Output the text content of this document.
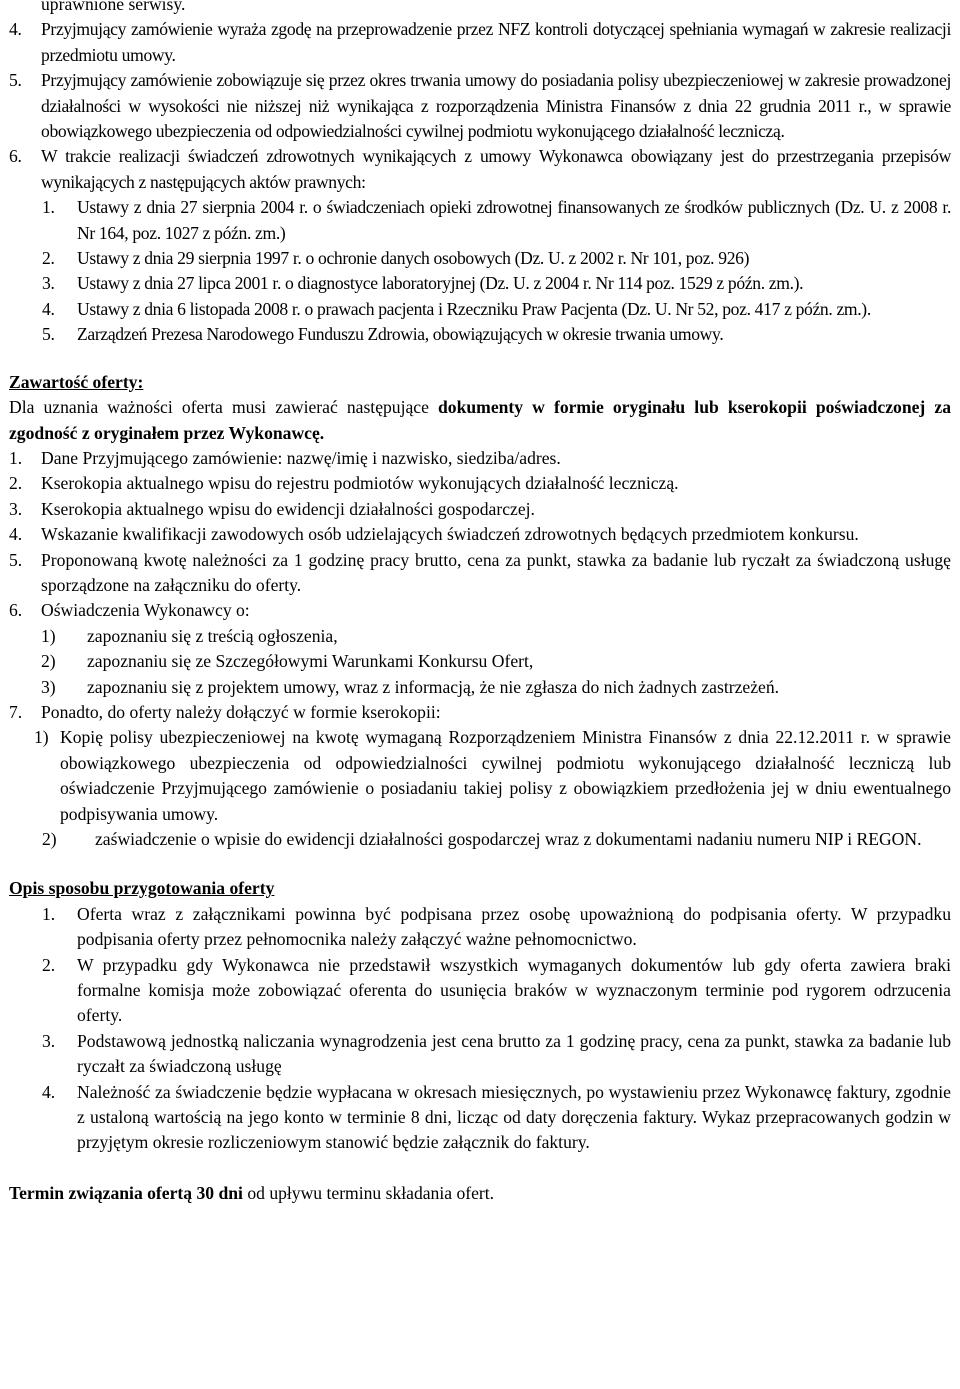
uprawnione serwisy.
4. Przyjmujący zamówienie wyraża zgodę na przeprowadzenie przez NFZ kontroli dotyczącej spełniania wymagań w zakresie realizacji przedmiotu umowy.
5. Przyjmujący zamówienie zobowiązuje się przez okres trwania umowy do posiadania polisy ubezpieczeniowej w zakresie prowadzonej działalności w wysokości nie niższej niż wynikająca z rozporządzenia Ministra Finansów z dnia 22 grudnia 2011 r., w sprawie obowiązkowego ubezpieczenia od odpowiedzialności cywilnej podmiotu wykonującego działalność leczniczą.
6. W trakcie realizacji świadczeń zdrowotnych wynikających z umowy Wykonawca obowiązany jest do przestrzegania przepisów wynikających z następujących aktów prawnych:
1. Ustawy z dnia 27 sierpnia 2004 r. o świadczeniach opieki zdrowotnej finansowanych ze środków publicznych (Dz. U. z 2008 r. Nr 164, poz. 1027 z późn. zm.)
2. Ustawy z dnia 29 sierpnia 1997 r. o ochronie danych osobowych (Dz. U. z 2002 r. Nr 101, poz. 926)
3. Ustawy z dnia 27 lipca 2001 r. o diagnostyce laboratoryjnej (Dz. U. z 2004 r. Nr 114 poz. 1529 z późn. zm.).
4. Ustawy z dnia 6 listopada 2008 r. o prawach pacjenta i Rzeczniku Praw Pacjenta (Dz. U. Nr 52, poz. 417 z późn. zm.).
5. Zarządzeń Prezesa Narodowego Funduszu Zdrowia, obowiązujących w okresie trwania umowy.
Zawartość oferty:
Dla uznania ważności oferta musi zawierać następujące dokumenty w formie oryginału lub kserokopii poświadczonej za zgodność z oryginałem przez Wykonawcę.
1. Dane Przyjmującego zamówienie: nazwę/imię i nazwisko, siedziba/adres.
2. Kserokopia aktualnego wpisu do rejestru podmiotów wykonujących działalność leczniczą.
3. Kserokopia aktualnego wpisu do ewidencji działalności gospodarczej.
4. Wskazanie kwalifikacji zawodowych osób udzielających świadczeń zdrowotnych będących przedmiotem konkursu.
5. Proponowaną kwotę należności za 1 godzinę pracy brutto, cena za punkt, stawka za badanie lub ryczałt za świadczoną usługę sporządzone na załączniku do oferty.
6. Oświadczenia Wykonawcy o:
1) zapoznaniu się z treścią ogłoszenia,
2) zapoznaniu się ze Szczegółowymi Warunkami Konkursu Ofert,
3) zapoznaniu się z projektem umowy, wraz z informacją, że nie zgłasza do nich żadnych zastrzeżeń.
7. Ponadto, do oferty należy dołączyć w formie kserokopii:
1) Kopię polisy ubezpieczeniowej na kwotę wymaganą Rozporządzeniem Ministra Finansów z dnia 22.12.2011 r. w sprawie obowiązkowego ubezpieczenia od odpowiedzialności cywilnej podmiotu wykonującego działalność leczniczą lub oświadczenie Przyjmującego zamówienie o posiadaniu takiej polisy z obowiązkiem przedłożenia jej w dniu ewentualnego podpisywania umowy.
2) zaświadczenie o wpisie do ewidencji działalności gospodarczej wraz z dokumentami nadaniu numeru NIP i REGON.
Opis sposobu przygotowania oferty
1. Oferta wraz z załącznikami powinna być podpisana przez osobę upoważnioną do podpisania oferty. W przypadku podpisania oferty przez pełnomocnika należy załączyć ważne pełnomocnictwo.
2. W przypadku gdy Wykonawca nie przedstawił wszystkich wymaganych dokumentów lub gdy oferta zawiera braki formalne komisja może zobowiązać oferenta do usunięcia braków w wyznaczonym terminie pod rygorem odrzucenia oferty.
3. Podstawową jednostką naliczania wynagrodzenia jest cena brutto za 1 godzinę pracy, cena za punkt, stawka za badanie lub ryczałt za świadczoną usługę
4. Należność za świadczenie będzie wypłacana w okresach miesięcznych, po wystawieniu przez Wykonawcę faktury, zgodnie z ustaloną wartością na jego konto w terminie 8 dni, licząc od daty doręczenia faktury. Wykaz przepracowanych godzin w przyjętym okresie rozliczeniowym stanowić będzie załącznik do faktury.
Termin związania ofertą 30 dni od upływu terminu składania ofert.
